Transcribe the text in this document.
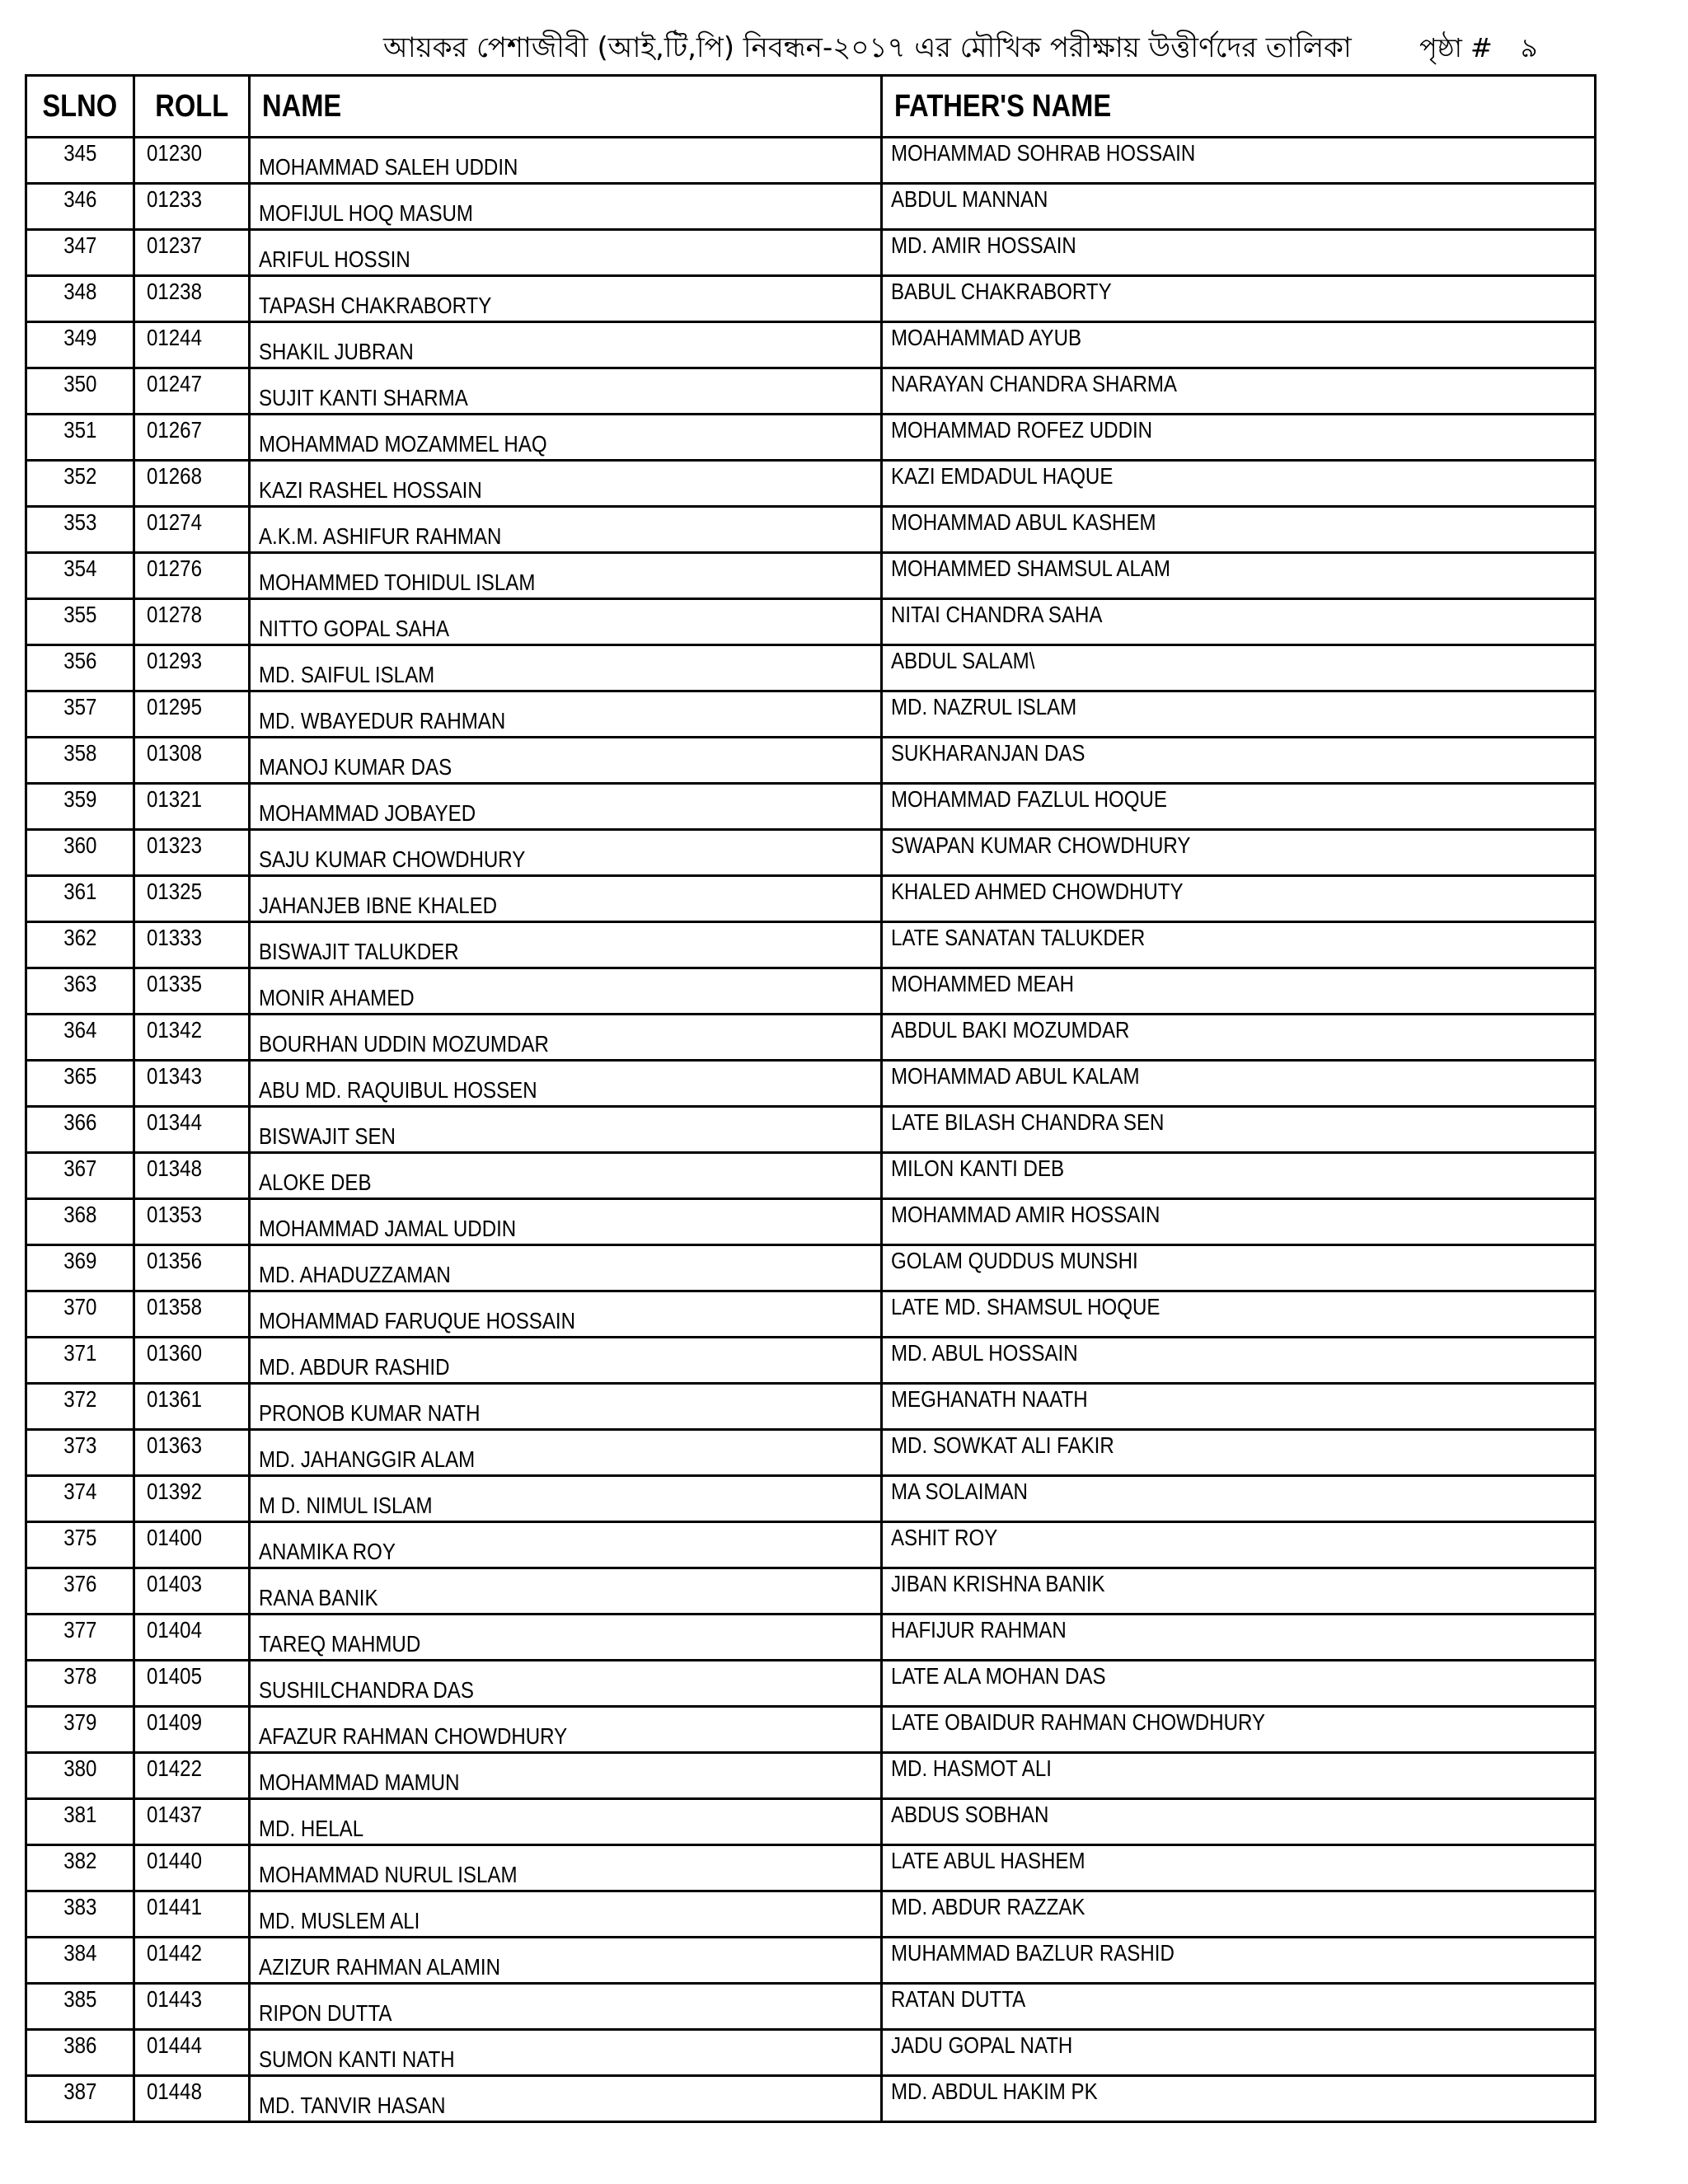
আয়কর পেশাজীবী (আই,টি,পি) নিবন্ধন-২০১৭ এর মৌখিক পরীক্ষায় উত্তীর্ণদের তালিকা	পৃষ্ঠা # ৯
SLNO	ROLL	NAME	FATHER'S NAME
345	01230	MOHAMMAD SALEH UDDIN	MOHAMMAD SOHRAB HOSSAIN
346	01233	MOFIJUL HOQ MASUM	ABDUL MANNAN
347	01237	ARIFUL HOSSIN	MD. AMIR HOSSAIN
348	01238	TAPASH CHAKRABORTY	BABUL CHAKRABORTY
349	01244	SHAKIL JUBRAN	MOAHAMMAD AYUB
350	01247	SUJIT KANTI SHARMA	NARAYAN CHANDRA SHARMA
351	01267	MOHAMMAD MOZAMMEL HAQ	MOHAMMAD ROFEZ UDDIN
352	01268	KAZI RASHEL HOSSAIN	KAZI EMDADUL HAQUE
353	01274	A.K.M. ASHIFUR RAHMAN	MOHAMMAD ABUL KASHEM
354	01276	MOHAMMED TOHIDUL ISLAM	MOHAMMED SHAMSUL ALAM
355	01278	NITTO GOPAL SAHA	NITAI CHANDRA SAHA
356	01293	MD. SAIFUL ISLAM	ABDUL SALAM\
357	01295	MD. WBAYEDUR RAHMAN	MD. NAZRUL ISLAM
358	01308	MANOJ KUMAR DAS	SUKHARANJAN DAS
359	01321	MOHAMMAD JOBAYED	MOHAMMAD FAZLUL HOQUE
360	01323	SAJU KUMAR CHOWDHURY	SWAPAN KUMAR CHOWDHURY
361	01325	JAHANJEB IBNE KHALED	KHALED AHMED CHOWDHUTY
362	01333	BISWAJIT TALUKDER	LATE SANATAN TALUKDER
363	01335	MONIR AHAMED	MOHAMMED MEAH
364	01342	BOURHAN UDDIN MOZUMDAR	ABDUL BAKI MOZUMDAR
365	01343	ABU MD. RAQUIBUL HOSSEN	MOHAMMAD ABUL KALAM
366	01344	BISWAJIT SEN	LATE BILASH CHANDRA SEN
367	01348	ALOKE DEB	MILON KANTI DEB
368	01353	MOHAMMAD JAMAL UDDIN	MOHAMMAD AMIR HOSSAIN
369	01356	MD. AHADUZZAMAN	GOLAM QUDDUS MUNSHI
370	01358	MOHAMMAD FARUQUE HOSSAIN	LATE MD. SHAMSUL HOQUE
371	01360	MD. ABDUR RASHID	MD. ABUL HOSSAIN
372	01361	PRONOB KUMAR NATH	MEGHANATH NAATH
373	01363	MD. JAHANGGIR ALAM	MD. SOWKAT ALI FAKIR
374	01392	M D. NIMUL ISLAM	MA SOLAIMAN
375	01400	ANAMIKA ROY	ASHIT ROY
376	01403	RANA BANIK	JIBAN KRISHNA BANIK
377	01404	TAREQ MAHMUD	HAFIJUR RAHMAN
378	01405	SUSHILCHANDRA DAS	LATE ALA MOHAN DAS
379	01409	AFAZUR RAHMAN CHOWDHURY	LATE OBAIDUR RAHMAN CHOWDHURY
380	01422	MOHAMMAD MAMUN	MD. HASMOT ALI
381	01437	MD. HELAL	ABDUS SOBHAN
382	01440	MOHAMMAD NURUL ISLAM	LATE ABUL HASHEM
383	01441	MD. MUSLEM ALI	MD. ABDUR RAZZAK
384	01442	AZIZUR RAHMAN ALAMIN	MUHAMMAD BAZLUR RASHID
385	01443	RIPON DUTTA	RATAN DUTTA
386	01444	SUMON KANTI NATH	JADU GOPAL NATH
387	01448	MD. TANVIR HASAN	MD. ABDUL HAKIM PK
